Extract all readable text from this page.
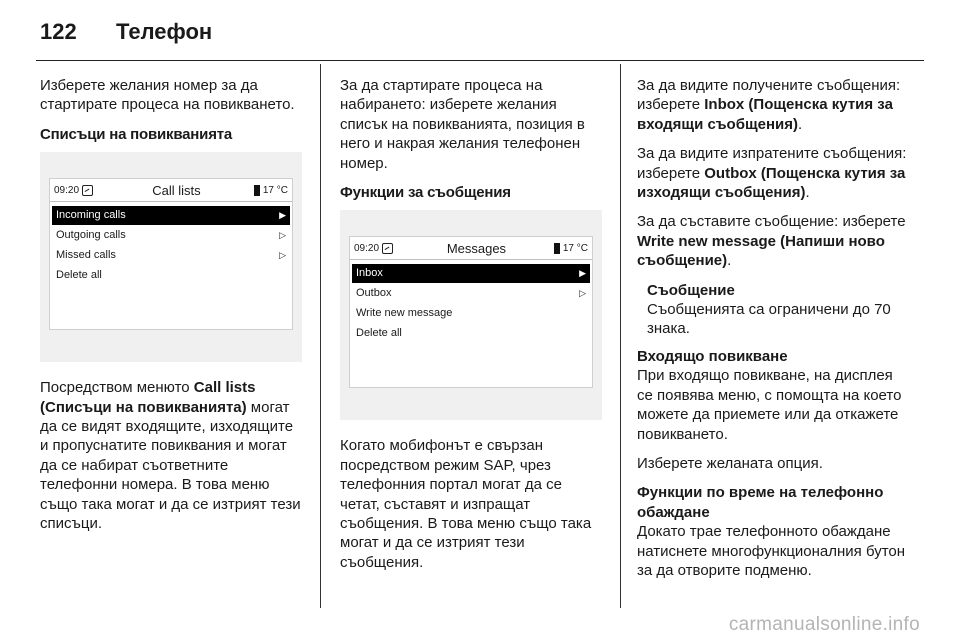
122	Телефон

Изберете желания номер за да стартирате процеса на повикването.

Списъци на повикванията
09:20	Call lists	17 °C
Incoming calls	▶
Outgoing calls	▷
Missed calls	▷
Delete all

Посредством менюто Call lists (Списъци на повикванията) могат да се видят входящите, изходящите и пропуснатите повиквания и могат да се набират съответните телефонни номера. В това меню също така могат и да се изтрият тези списъци.

За да стартирате процеса на набирането: изберете желания списък на повикванията, позиция в него и накрая желания телефонен номер.

Функции за съобщения
09:20	Messages	17 °C
Inbox	▶
Outbox	▷
Write new message
Delete all

Когато мобифонът е свързан посредством режим SAP, чрез телефонния портал могат да се четат, съставят и изпращат съобщения. В това меню също така могат и да се изтрият тези съобщения.

За да видите получените съобщения: изберете Inbox (Пощенска кутия за входящи съобщения).

За да видите изпратените съобщения: изберете Outbox (Пощенска кутия за изходящи съобщения).

За да съставите съобщение: изберете Write new message (Напиши ново съобщение).

Съобщение
Съобщенията са ограничени до 70 знака.
Входящо повикване

При входящо повикване, на дисплея се появява меню, с помощта на което можете да приемете или да откажете повикването.

Изберете желаната опция.

Функции по време на телефонно обаждане

Докато трае телефонното обаждане натиснете многофункционалния бутон за да отворите подменю.

carmanualsonline.info
